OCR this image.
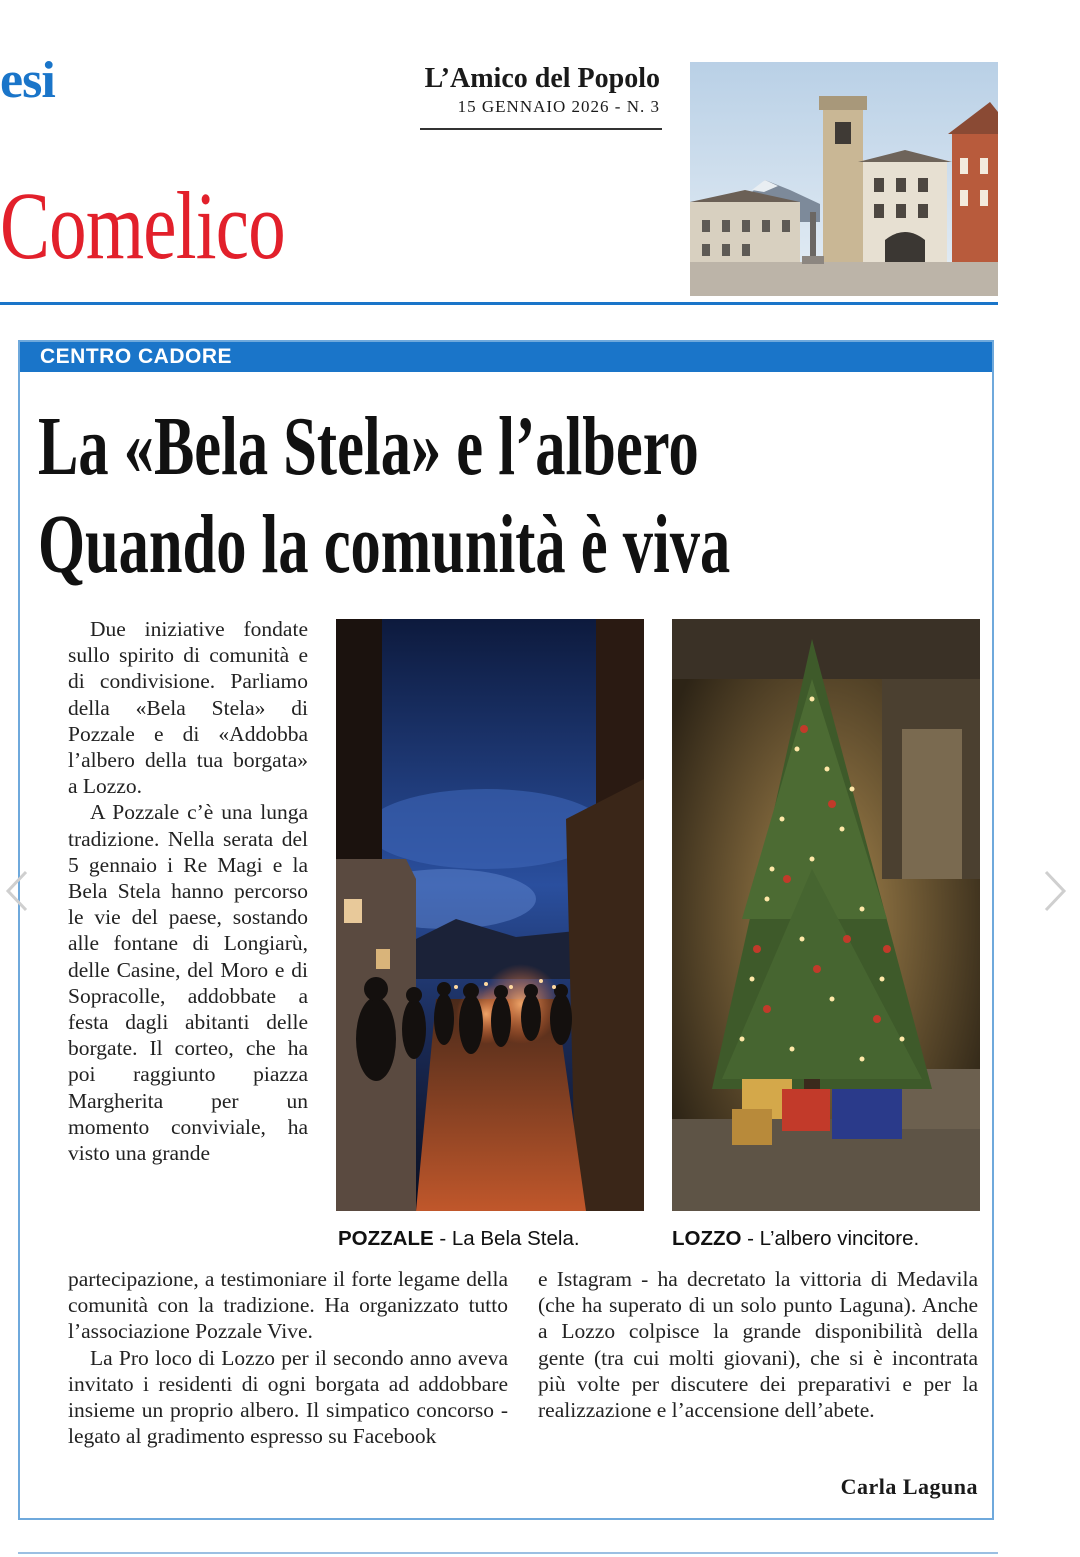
esi	L’Amico del Popolo
15 GENNAIO 2026 - N. 3
Comelico
CENTRO CADORE
La «Bela Stela» e l’albero
Quando la comunità è viva

Due iniziative fondate sullo spirito di comunità e di condivisione. Parliamo della «Bela Stela» di Pozzale e di «Addobba l’albero della tua borgata» a Lozzo.

A Pozzale c’è una lunga tradizione. Nella serata del 5 gennaio i Re Magi e la Bela Stela hanno percorso le vie del paese, sostando alle fontane di Longiarù, delle Casine, del Moro e di Sopracolle, addobbate a festa dagli abitanti delle borgate. Il corteo, che ha poi raggiunto piazza Margherita per un momento conviviale, ha visto una grande

POZZALE - La Bela Stela.	LOZZO - L’albero vincitore.

partecipazione, a testimoniare il forte legame della comunità con la tradizione. Ha organizzato tutto l’associazione Pozzale Vive.

La Pro loco di Lozzo per il secondo anno aveva invitato i residenti di ogni borgata ad addobbare insieme un proprio albero. Il simpatico concorso - legato al gradimento espresso su Facebook

e Istagram - ha decretato la vittoria di Medavila (che ha superato di un solo punto Laguna). Anche a Lozzo colpisce la grande disponibilità della gente (tra cui molti giovani), che si è incontrata più volte per discutere dei preparativi e per la realizzazione e l’accensione dell’abete.

Carla Laguna
